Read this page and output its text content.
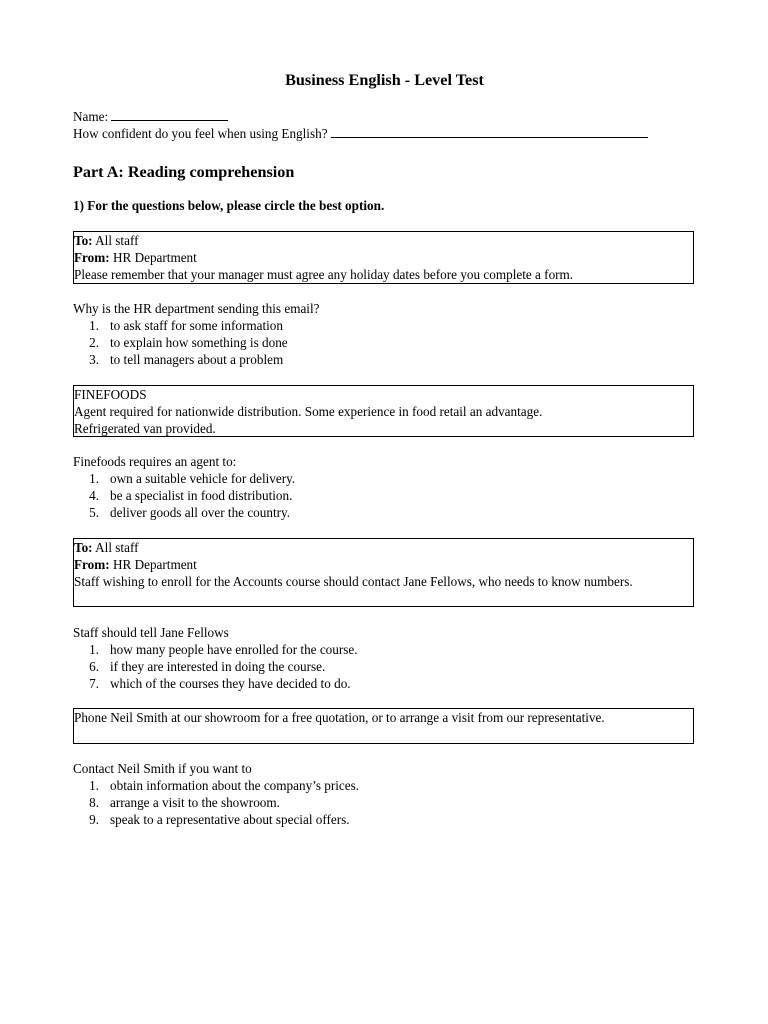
Business English - Level Test
Name:
How confident do you feel when using English?
Part A: Reading comprehension
1) For the questions below, please circle the best option.
To: All staff
From: HR Department
Please remember that your manager must agree any holiday dates before you complete a form.
Why is the HR department sending this email?
1. to ask staff for some information
2. to explain how something is done
3. to tell managers about a problem
FINEFOODS
Agent required for nationwide distribution. Some experience in food retail an advantage.
Refrigerated van provided.
Finefoods requires an agent to:
1. own a suitable vehicle for delivery.
4. be a specialist in food distribution.
5. deliver goods all over the country.
To: All staff
From: HR Department
Staff wishing to enroll for the Accounts course should contact Jane Fellows, who needs to know numbers.
Staff should tell Jane Fellows
1. how many people have enrolled for the course.
6. if they are interested in doing the course.
7. which of the courses they have decided to do.
Phone Neil Smith at our showroom for a free quotation, or to arrange a visit from our representative.
Contact Neil Smith if you want to
1. obtain information about the company’s prices.
8. arrange a visit to the showroom.
9. speak to a representative about special offers.
